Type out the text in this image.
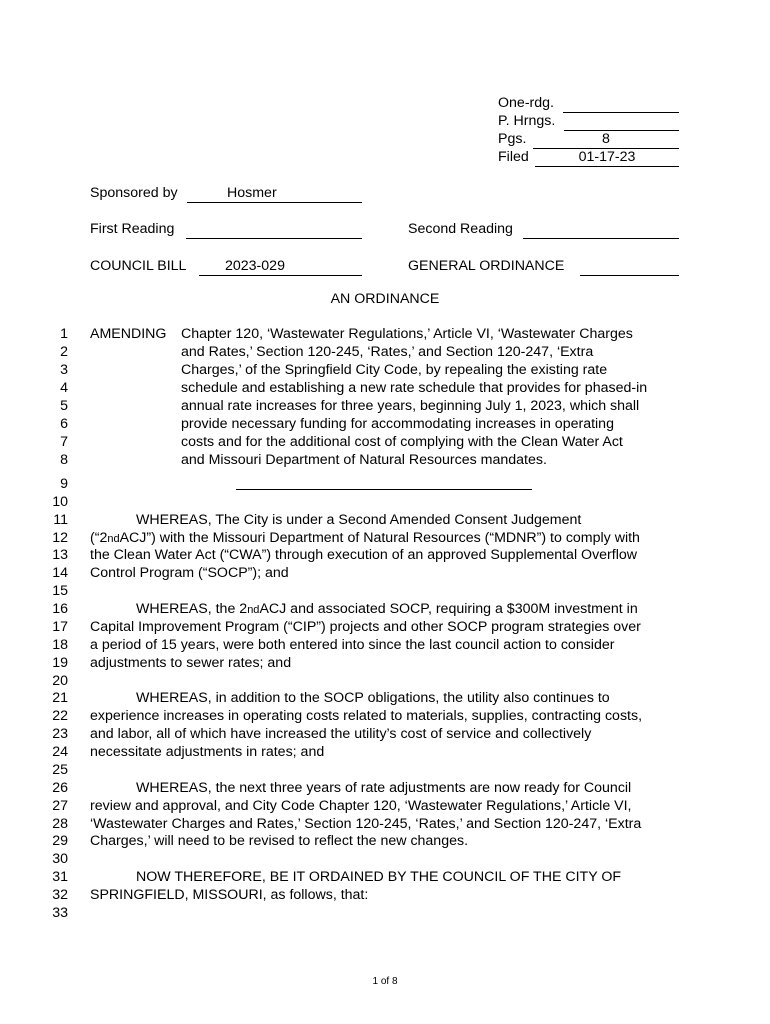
One-rdg.
P. Hrngs.
Pgs.	8
Filed	01-17-23
Sponsored by	Hosmer
First Reading	Second Reading
COUNCIL BILL	2023-029	GENERAL ORDINANCE
AN ORDINANCE
1
2
3
4
5
6
7
8
9
10
11
12
13
14
15
16
17
18
19
20
21
22
23
24
25
26
27
28
29
30
31
32
33
AMENDING Chapter 120, ‘Wastewater Regulations,’ Article VI, ‘Wastewater Charges
and Rates,’ Section 120-245, ‘Rates,’ and Section 120-247, ‘Extra
Charges,’ of the Springfield City Code, by repealing the existing rate
schedule and establishing a new rate schedule that provides for phased-in
annual rate increases for three years, beginning July 1, 2023, which shall
provide necessary funding for accommodating increases in operating
costs and for the additional cost of complying with the Clean Water Act
and Missouri Department of Natural Resources mandates.
WHEREAS, The City is under a Second Amended Consent Judgement
(“2ndACJ”) with the Missouri Department of Natural Resources (“MDNR”) to comply with
the Clean Water Act (“CWA”) through execution of an approved Supplemental Overflow
Control Program (“SOCP”); and
WHEREAS, the 2ndACJ and associated SOCP, requiring a $300M investment in
Capital Improvement Program (“CIP”) projects and other SOCP program strategies over
a period of 15 years, were both entered into since the last council action to consider
adjustments to sewer rates; and
WHEREAS, in addition to the SOCP obligations, the utility also continues to
experience increases in operating costs related to materials, supplies, contracting costs,
and labor, all of which have increased the utility’s cost of service and collectively
necessitate adjustments in rates; and
WHEREAS, the next three years of rate adjustments are now ready for Council
review and approval, and City Code Chapter 120, ‘Wastewater Regulations,’ Article VI,
‘Wastewater Charges and Rates,’ Section 120-245, ‘Rates,’ and Section 120-247, ‘Extra
Charges,’ will need to be revised to reflect the new changes.
NOW THEREFORE, BE IT ORDAINED BY THE COUNCIL OF THE CITY OF
SPRINGFIELD, MISSOURI, as follows, that:
1 of 8
